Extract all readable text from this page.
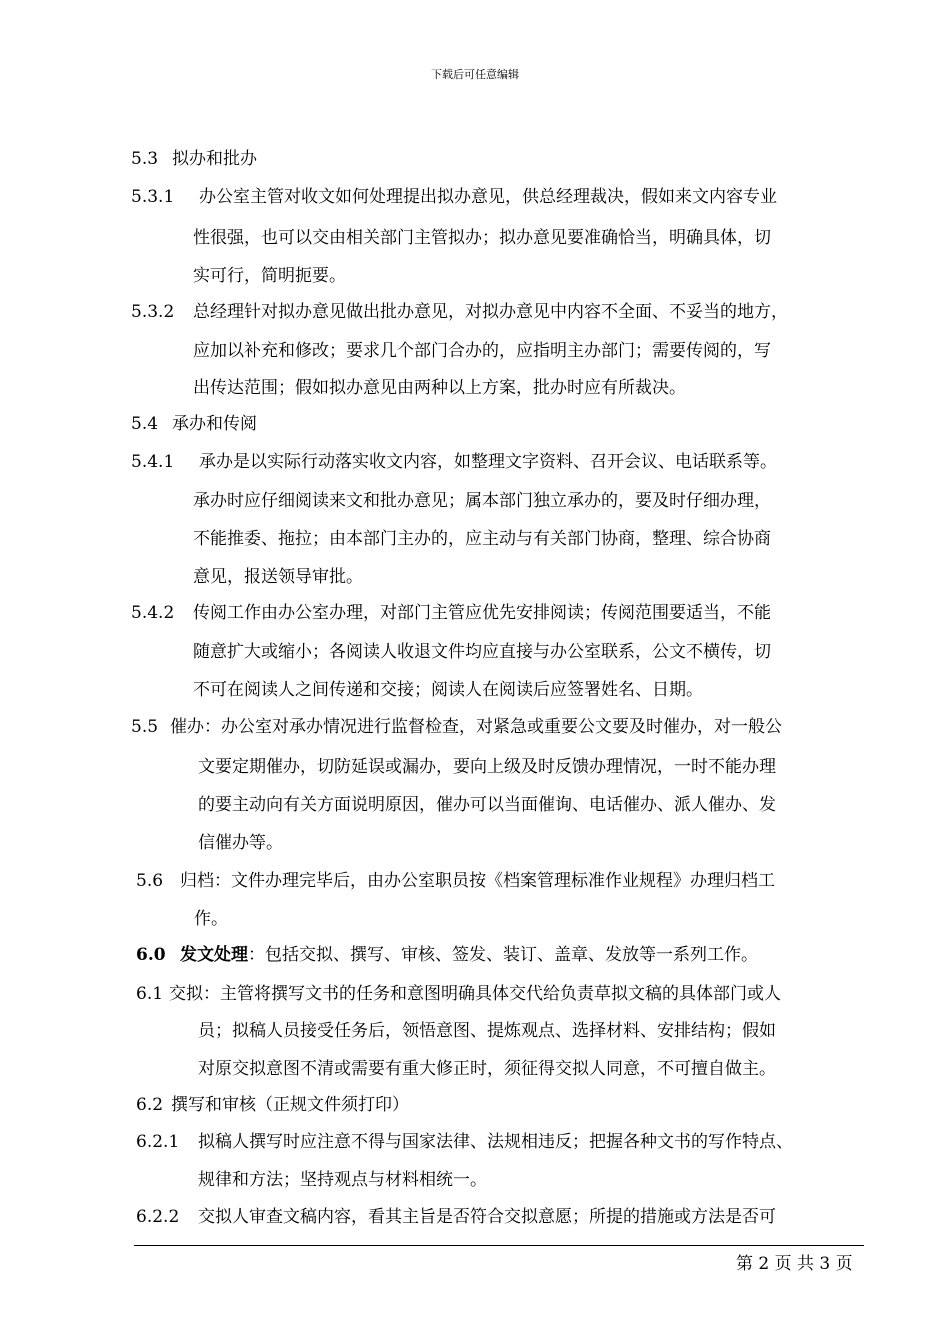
下载后可任意编辑
5.3 拟办和批办
5.3.1 办公室主管对收文如何处理提出拟办意见，供总经理裁决，假如来文内容专业
性很强，也可以交由相关部门主管拟办；拟办意见要准确恰当，明确具体，切
实可行，简明扼要。
5.3.2 总经理针对拟办意见做出批办意见，对拟办意见中内容不全面、不妥当的地方，
应加以补充和修改；要求几个部门合办的，应指明主办部门；需要传阅的，写
出传达范围；假如拟办意见由两种以上方案，批办时应有所裁决。
5.4 承办和传阅
5.4.1 承办是以实际行动落实收文内容，如整理文字资料、召开会议、电话联系等。
承办时应仔细阅读来文和批办意见；属本部门独立承办的，要及时仔细办理，
不能推委、拖拉；由本部门主办的，应主动与有关部门协商，整理、综合协商
意见，报送领导审批。
5.4.2 传阅工作由办公室办理，对部门主管应优先安排阅读；传阅范围要适当，不能
随意扩大或缩小；各阅读人收退文件均应直接与办公室联系，公文不横传，切
不可在阅读人之间传递和交接；阅读人在阅读后应签署姓名、日期。
5.5 催办：办公室对承办情况进行监督检查，对紧急或重要公文要及时催办，对一般公
文要定期催办，切防延误或漏办，要向上级及时反馈办理情况，一时不能办理
的要主动向有关方面说明原因，催办可以当面催询、电话催办、派人催办、发
信催办等。
5.6 归档：文件办理完毕后，由办公室职员按《档案管理标准作业规程》办理归档工
作。
6.0 发文处理：包括交拟、撰写、审核、签发、装订、盖章、发放等一系列工作。
6.1 交拟：主管将撰写文书的任务和意图明确具体交代给负责草拟文稿的具体部门或人
员；拟稿人员接受任务后，领悟意图、提炼观点、选择材料、安排结构；假如
对原交拟意图不清或需要有重大修正时，须征得交拟人同意，不可擅自做主。
6.2 撰写和审核（正规文件须打印）
6.2.1 拟稿人撰写时应注意不得与国家法律、法规相违反；把握各种文书的写作特点、
规律和方法；坚持观点与材料相统一。
6.2.2 交拟人审查文稿内容，看其主旨是否符合交拟意愿；所提的措施或方法是否可
第 2 页 共 3 页
